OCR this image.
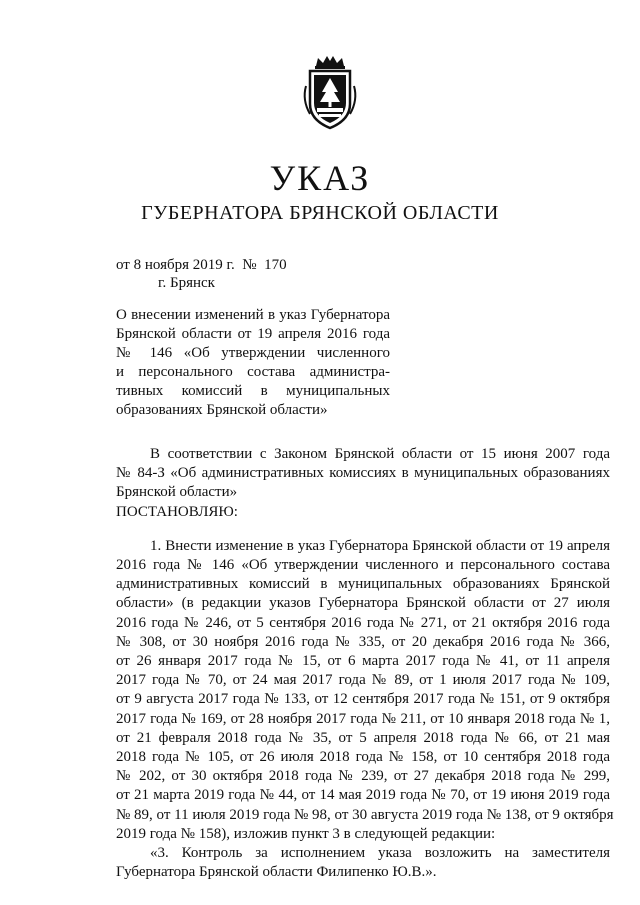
УКАЗ
ГУБЕРНАТОРА БРЯНСКОЙ ОБЛАСТИ
от 8 ноября 2019 г. № 170
г. Брянск
О внесении изменений в указ Губернатора
Брянской области от 19 апреля 2016 года
№ 146 «Об утверждении численного
и персонального состава администра-
тивных комиссий в муниципальных
образованиях Брянской области»
В соответствии с Законом Брянской области от 15 июня 2007 года
№ 84-З «Об административных комиссиях в муниципальных образованиях
Брянской области»
ПОСТАНОВЛЯЮ:
1. Внести изменение в указ Губернатора Брянской области от 19 апреля
2016 года № 146 «Об утверждении численного и персонального состава
административных комиссий в муниципальных образованиях Брянской
области» (в редакции указов Губернатора Брянской области от 27 июля
2016 года № 246, от 5 сентября 2016 года № 271, от 21 октября 2016 года
№ 308, от 30 ноября 2016 года № 335, от 20 декабря 2016 года № 366,
от 26 января 2017 года № 15, от 6 марта 2017 года № 41, от 11 апреля
2017 года № 70, от 24 мая 2017 года № 89, от 1 июля 2017 года № 109,
от 9 августа 2017 года № 133, от 12 сентября 2017 года № 151, от 9 октября
2017 года № 169, от 28 ноября 2017 года № 211, от 10 января 2018 года № 1,
от 21 февраля 2018 года № 35, от 5 апреля 2018 года № 66, от 21 мая
2018 года № 105, от 26 июля 2018 года № 158, от 10 сентября 2018 года
№ 202, от 30 октября 2018 года № 239, от 27 декабря 2018 года № 299,
от 21 марта 2019 года № 44, от 14 мая 2019 года № 70, от 19 июня 2019 года
№ 89, от 11 июля 2019 года № 98, от 30 августа 2019 года № 138, от 9 октября
2019 года № 158), изложив пункт 3 в следующей редакции:
«3. Контроль за исполнением указа возложить на заместителя
Губернатора Брянской области Филипенко Ю.В.».
